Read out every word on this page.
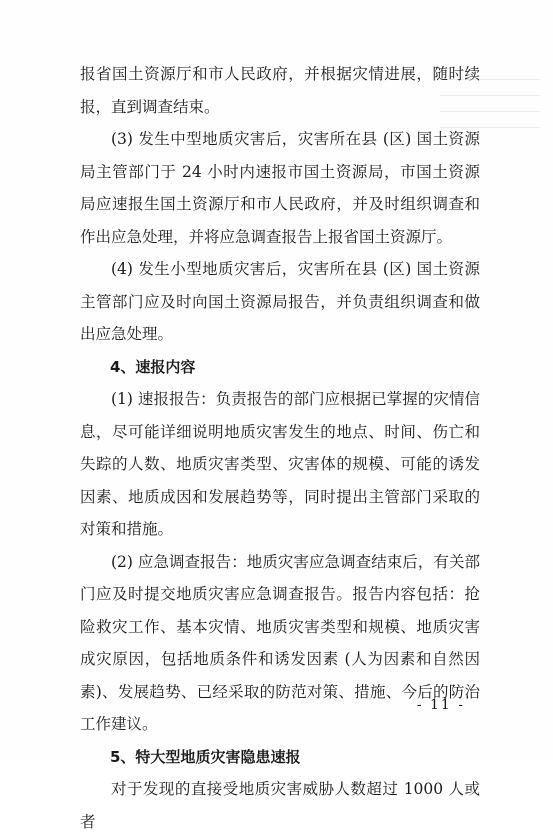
报省国土资源厅和市人民政府，并根据灾情进展，随时续报，直到调查结束。

(3) 发生中型地质灾害后，灾害所在县 (区) 国土资源局主管部门于 24 小时内速报市国土资源局，市国土资源局应速报生国土资源厅和市人民政府，并及时组织调查和作出应急处理，并将应急调查报告上报省国土资源厅。

(4) 发生小型地质灾害后，灾害所在县 (区) 国土资源主管部门应及时向国土资源局报告，并负责组织调查和做出应急处理。

4、速报内容

(1) 速报报告：负责报告的部门应根据已掌握的灾情信息，尽可能详细说明地质灾害发生的地点、时间、伤亡和失踪的人数、地质灾害类型、灾害体的规模、可能的诱发因素、地质成因和发展趋势等，同时提出主管部门采取的对策和措施。

(2) 应急调查报告：地质灾害应急调查结束后，有关部门应及时提交地质灾害应急调查报告。报告内容包括：抢险救灾工作、基本灾情、地质灾害类型和规模、地质灾害成灾原因，包括地质条件和诱发因素 (人为因素和自然因素)、发展趋势、已经采取的防范对策、措施、今后的防治工作建议。

5、特大型地质灾害隐患速报

对于发现的直接受地质灾害威胁人数超过 1000 人或者

- 11 -
